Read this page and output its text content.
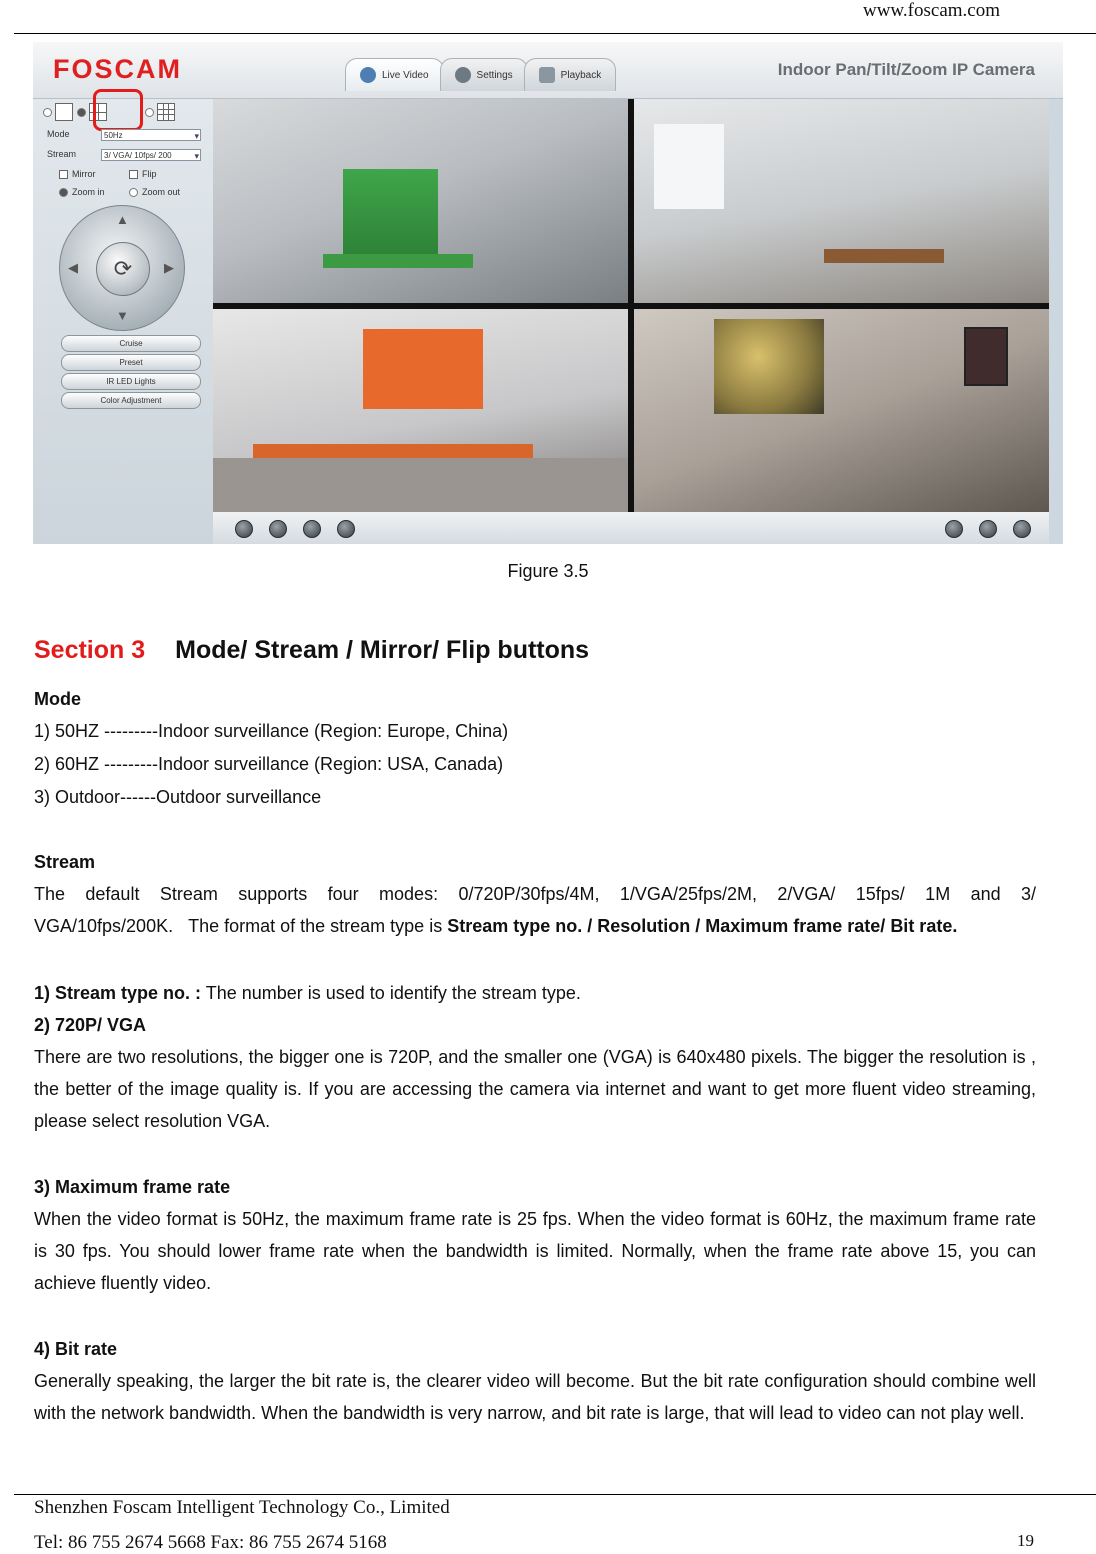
www.foscam.com
FOSCAM	Live Video	Settings	Playback	Indoor Pan/Tilt/Zoom IP Camera
Mode	50Hz ▾
Stream	3/ VGA/ 10fps/ 200 ▾
Mirror	Flip
Zoom in	Zoom out
▲
▼
◀	▶
⟳
Cruise
Preset
IR LED Lights
Color Adjustment
Figure 3.5
Section 3 Mode/ Stream / Mirror/ Flip buttons
Mode
1) 50HZ ---------Indoor surveillance (Region: Europe, China)
2) 60HZ ---------Indoor surveillance (Region: USA, Canada)
3) Outdoor------Outdoor surveillance
Stream
The default Stream supports four modes: 0/720P/30fps/4M, 1/VGA/25fps/2M, 2/VGA/ 15fps/ 1M and 3/ VGA/10fps/200K.   The format of the stream type is Stream type no. / Resolution / Maximum frame rate/ Bit rate.
1) Stream type no. : The number is used to identify the stream type.
2) 720P/ VGA
There are two resolutions, the bigger one is 720P, and the smaller one (VGA) is 640x480 pixels. The bigger the resolution is , the better of the image quality is. If you are accessing the camera via internet and want to get more fluent video streaming, please select resolution VGA.
3) Maximum frame rate
When the video format is 50Hz, the maximum frame rate is 25 fps. When the video format is 60Hz, the maximum frame rate is 30 fps. You should lower frame rate when the bandwidth is limited. Normally, when the frame rate above 15, you can achieve fluently video.
4) Bit rate
Generally speaking, the larger the bit rate is, the clearer video will become. But the bit rate configuration should combine well with the network bandwidth. When the bandwidth is very narrow, and bit rate is large, that will lead to video can not play well.
Shenzhen Foscam Intelligent Technology Co., Limited
Tel: 86 755 2674 5668 Fax: 86 755 2674 5168	19
